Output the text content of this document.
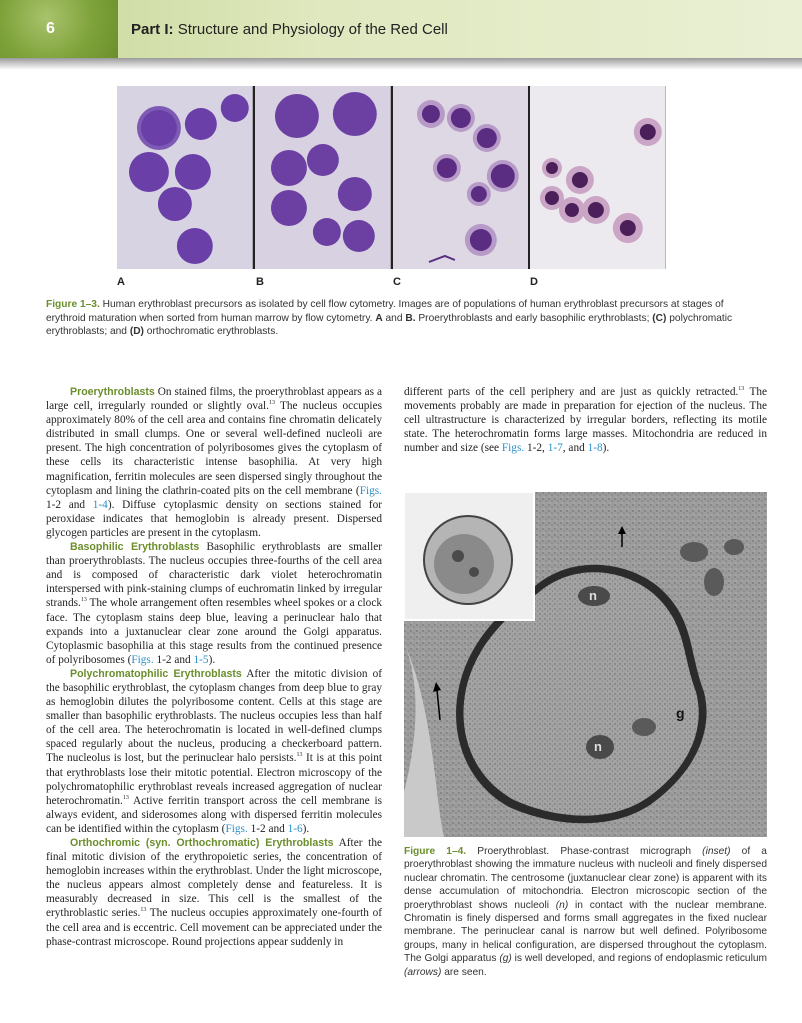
6	Part I: Structure and Physiology of the Red Cell
A	B	C	D
Figure 1–3. Human erythroblast precursors as isolated by cell flow cytometry. Images are of populations of human erythroblast precursors at stages of erythroid maturation when sorted from human marrow by flow cytometry. A and B. Proerythroblasts and early basophilic erythroblasts; (C) polychromatic erythroblasts; and (D) orthochromatic erythroblasts.

Proerythroblasts On stained films, the proerythroblast appears as a large cell, irregularly rounded or slightly oval.$^{13}$ The nucleus occupies approximately 80% of the cell area and contains fine chromatin delicately distributed in small clumps. One or several well-defined nucleoli are present. The high concentration of polyribosomes gives the cytoplasm of these cells its characteristic intense basophilia. At very high magnification, ferritin molecules are seen dispersed singly throughout the cytoplasm and lining the clathrin-coated pits on the cell membrane (Figs. 1-2 and 1-4). Diffuse cytoplasmic density on sections stained for peroxidase indicates that hemoglobin is already present. Dispersed glycogen particles are present in the cytoplasm.

Basophilic Erythroblasts Basophilic erythroblasts are smaller than proerythroblasts. The nucleus occupies three-fourths of the cell area and is composed of characteristic dark violet heterochromatin interspersed with pink-staining clumps of euchromatin linked by irregular strands.$^{13}$ The whole arrangement often resembles wheel spokes or a clock face. The cytoplasm stains deep blue, leaving a perinuclear halo that expands into a juxtanuclear clear zone around the Golgi apparatus. Cytoplasmic basophilia at this stage results from the continued presence of polyribosomes (Figs. 1-2 and 1-5).

Polychromatophilic Erythroblasts After the mitotic division of the basophilic erythroblast, the cytoplasm changes from deep blue to gray as hemoglobin dilutes the polyribosome content. Cells at this stage are smaller than basophilic erythroblasts. The nucleus occupies less than half of the cell area. The heterochromatin is located in well-defined clumps spaced regularly about the nucleus, producing a checkerboard pattern. The nucleolus is lost, but the perinuclear halo persists.$^{13}$ It is at this point that erythroblasts lose their mitotic potential. Electron microscopy of the polychromatophilic erythroblast reveals increased aggregation of nuclear heterochromatin.$^{13}$ Active ferritin transport across the cell membrane is always evident, and siderosomes along with dispersed ferritin molecules can be identified within the cytoplasm (Figs. 1-2 and 1-6).

Orthochromic (syn. Orthochromatic) Erythroblasts After the final mitotic division of the erythropoietic series, the concentration of hemoglobin increases within the erythroblast. Under the light microscope, the nucleus appears almost completely dense and featureless. It is measurably decreased in size. This cell is the smallest of the erythroblastic series.$^{13}$ The nucleus occupies approximately one-fourth of the cell area and is eccentric. Cell movement can be appreciated under the phase-contrast microscope. Round projections appear suddenly in

different parts of the cell periphery and are just as quickly retracted.$^{13}$ The movements probably are made in preparation for ejection of the nucleus. The cell ultrastructure is characterized by irregular borders, reflecting its motile state. The heterochromatin forms large masses. Mitochondria are reduced in number and size (see Figs. 1-2, 1-7, and 1-8).

n
n
g
Figure 1–4. Proerythroblast. Phase-contrast micrograph (inset) of a proerythroblast showing the immature nucleus with nucleoli and finely dispersed nuclear chromatin. The centrosome (juxtanuclear clear zone) is apparent with its dense accumulation of mitochondria. Electron microscopic section of the proerythroblast shows nucleoli (n) in contact with the nuclear membrane. Chromatin is finely dispersed and forms small aggregates in the fixed nuclear membrane. The perinuclear canal is narrow but well defined. Polyribosome groups, many in helical configuration, are dispersed throughout the cytoplasm. The Golgi apparatus (g) is well developed, and regions of endoplasmic reticulum (arrows) are seen.
